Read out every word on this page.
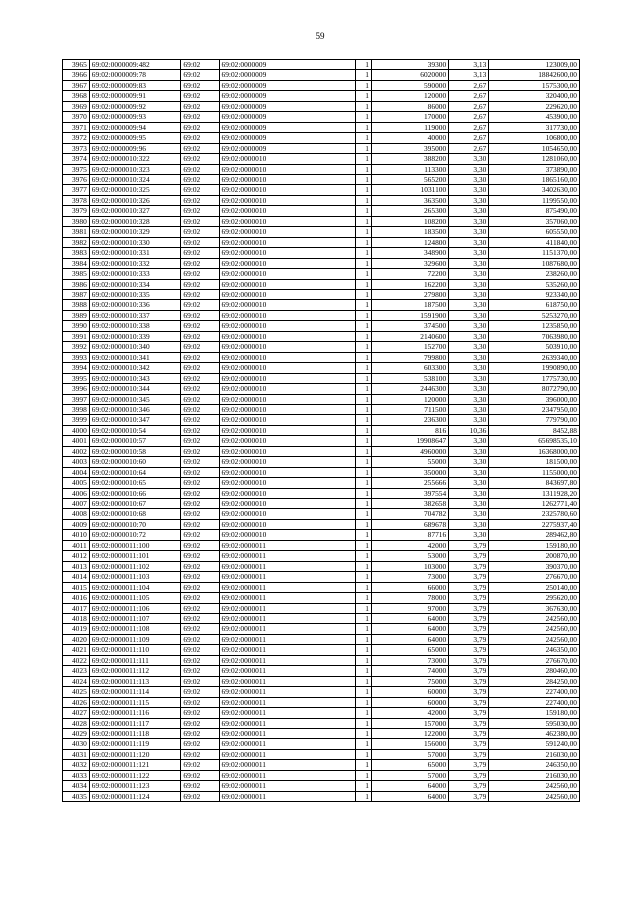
59
3965	69:02:0000009:482	69:02	69:02:0000009	1	39300	3,13	123009,00
3966	69:02:0000009:78	69:02	69:02:0000009	1	6020000	3,13	18842600,00
3967	69:02:0000009:83	69:02	69:02:0000009	1	590000	2,67	1575300,00
3968	69:02:0000009:91	69:02	69:02:0000009	1	120000	2,67	320400,00
3969	69:02:0000009:92	69:02	69:02:0000009	1	86000	2,67	229620,00
3970	69:02:0000009:93	69:02	69:02:0000009	1	170000	2,67	453900,00
3971	69:02:0000009:94	69:02	69:02:0000009	1	119000	2,67	317730,00
3972	69:02:0000009:95	69:02	69:02:0000009	1	40000	2,67	106800,00
3973	69:02:0000009:96	69:02	69:02:0000009	1	395000	2,67	1054650,00
3974	69:02:0000010:322	69:02	69:02:0000010	1	388200	3,30	1281060,00
3975	69:02:0000010:323	69:02	69:02:0000010	1	113300	3,30	373890,00
3976	69:02:0000010:324	69:02	69:02:0000010	1	565200	3,30	1865160,00
3977	69:02:0000010:325	69:02	69:02:0000010	1	1031100	3,30	3402630,00
3978	69:02:0000010:326	69:02	69:02:0000010	1	363500	3,30	1199550,00
3979	69:02:0000010:327	69:02	69:02:0000010	1	265300	3,30	875490,00
3980	69:02:0000010:328	69:02	69:02:0000010	1	108200	3,30	357060,00
3981	69:02:0000010:329	69:02	69:02:0000010	1	183500	3,30	605550,00
3982	69:02:0000010:330	69:02	69:02:0000010	1	124800	3,30	411840,00
3983	69:02:0000010:331	69:02	69:02:0000010	1	348900	3,30	1151370,00
3984	69:02:0000010:332	69:02	69:02:0000010	1	329600	3,30	1087680,00
3985	69:02:0000010:333	69:02	69:02:0000010	1	72200	3,30	238260,00
3986	69:02:0000010:334	69:02	69:02:0000010	1	162200	3,30	535260,00
3987	69:02:0000010:335	69:02	69:02:0000010	1	279800	3,30	923340,00
3988	69:02:0000010:336	69:02	69:02:0000010	1	187500	3,30	618750,00
3989	69:02:0000010:337	69:02	69:02:0000010	1	1591900	3,30	5253270,00
3990	69:02:0000010:338	69:02	69:02:0000010	1	374500	3,30	1235850,00
3991	69:02:0000010:339	69:02	69:02:0000010	1	2140600	3,30	7063980,00
3992	69:02:0000010:340	69:02	69:02:0000010	1	152700	3,30	503910,00
3993	69:02:0000010:341	69:02	69:02:0000010	1	799800	3,30	2639340,00
3994	69:02:0000010:342	69:02	69:02:0000010	1	603300	3,30	1990890,00
3995	69:02:0000010:343	69:02	69:02:0000010	1	538100	3,30	1775730,00
3996	69:02:0000010:344	69:02	69:02:0000010	1	2446300	3,30	8072790,00
3997	69:02:0000010:345	69:02	69:02:0000010	1	120000	3,30	396000,00
3998	69:02:0000010:346	69:02	69:02:0000010	1	711500	3,30	2347950,00
3999	69:02:0000010:347	69:02	69:02:0000010	1	236300	3,30	779790,00
4000	69:02:0000010:54	69:02	69:02:0000010	1	816	10,36	8452,88
4001	69:02:0000010:57	69:02	69:02:0000010	1	19908647	3,30	65698535,10
4002	69:02:0000010:58	69:02	69:02:0000010	1	4960000	3,30	16368000,00
4003	69:02:0000010:60	69:02	69:02:0000010	1	55000	3,30	181500,00
4004	69:02:0000010:64	69:02	69:02:0000010	1	350000	3,30	1155000,00
4005	69:02:0000010:65	69:02	69:02:0000010	1	255666	3,30	843697,80
4006	69:02:0000010:66	69:02	69:02:0000010	1	397554	3,30	1311928,20
4007	69:02:0000010:67	69:02	69:02:0000010	1	382658	3,30	1262771,40
4008	69:02:0000010:68	69:02	69:02:0000010	1	704782	3,30	2325780,60
4009	69:02:0000010:70	69:02	69:02:0000010	1	689678	3,30	2275937,40
4010	69:02:0000010:72	69:02	69:02:0000010	1	87716	3,30	289462,80
4011	69:02:0000011:100	69:02	69:02:0000011	1	42000	3,79	159180,00
4012	69:02:0000011:101	69:02	69:02:0000011	1	53000	3,79	200870,00
4013	69:02:0000011:102	69:02	69:02:0000011	1	103000	3,79	390370,00
4014	69:02:0000011:103	69:02	69:02:0000011	1	73000	3,79	276670,00
4015	69:02:0000011:104	69:02	69:02:0000011	1	66000	3,79	250140,00
4016	69:02:0000011:105	69:02	69:02:0000011	1	78000	3,79	295620,00
4017	69:02:0000011:106	69:02	69:02:0000011	1	97000	3,79	367630,00
4018	69:02:0000011:107	69:02	69:02:0000011	1	64000	3,79	242560,00
4019	69:02:0000011:108	69:02	69:02:0000011	1	64000	3,79	242560,00
4020	69:02:0000011:109	69:02	69:02:0000011	1	64000	3,79	242560,00
4021	69:02:0000011:110	69:02	69:02:0000011	1	65000	3,79	246350,00
4022	69:02:0000011:111	69:02	69:02:0000011	1	73000	3,79	276670,00
4023	69:02:0000011:112	69:02	69:02:0000011	1	74000	3,79	280460,00
4024	69:02:0000011:113	69:02	69:02:0000011	1	75000	3,79	284250,00
4025	69:02:0000011:114	69:02	69:02:0000011	1	60000	3,79	227400,00
4026	69:02:0000011:115	69:02	69:02:0000011	1	60000	3,79	227400,00
4027	69:02:0000011:116	69:02	69:02:0000011	1	42000	3,79	159180,00
4028	69:02:0000011:117	69:02	69:02:0000011	1	157000	3,79	595030,00
4029	69:02:0000011:118	69:02	69:02:0000011	1	122000	3,79	462380,00
4030	69:02:0000011:119	69:02	69:02:0000011	1	156000	3,79	591240,00
4031	69:02:0000011:120	69:02	69:02:0000011	1	57000	3,79	216030,00
4032	69:02:0000011:121	69:02	69:02:0000011	1	65000	3,79	246350,00
4033	69:02:0000011:122	69:02	69:02:0000011	1	57000	3,79	216030,00
4034	69:02:0000011:123	69:02	69:02:0000011	1	64000	3,79	242560,00
4035	69:02:0000011:124	69:02	69:02:0000011	1	64000	3,79	242560,00
